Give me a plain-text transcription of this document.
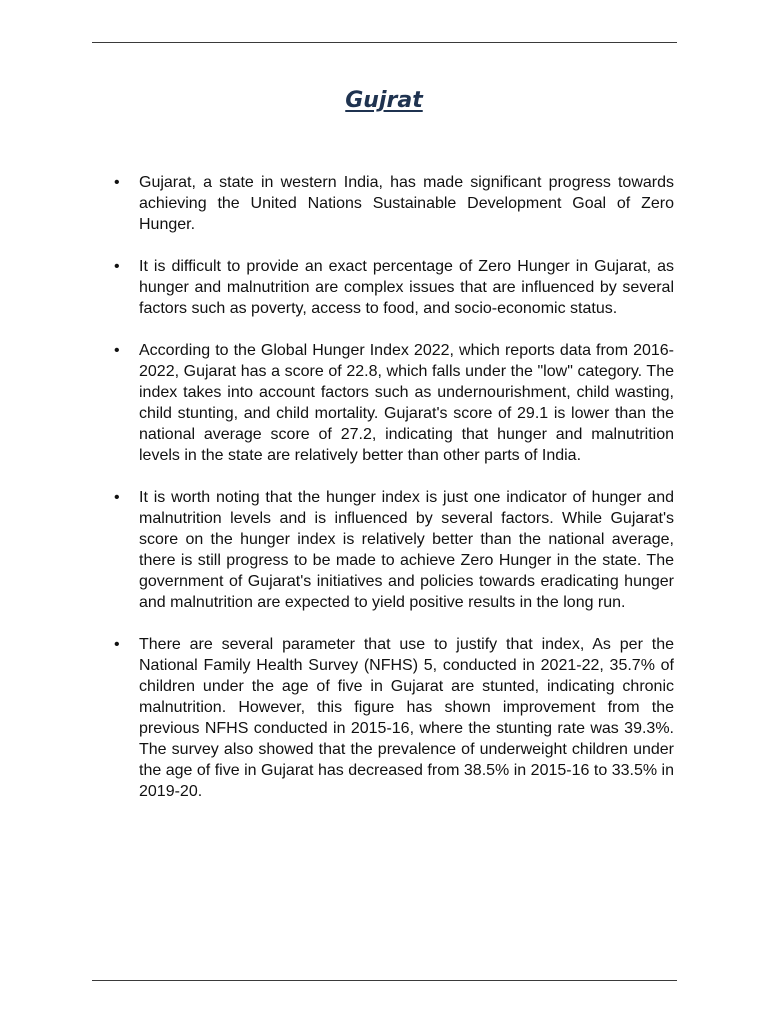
Gujrat
• Gujarat, a state in western India, has made significant progress towards achieving the United Nations Sustainable Development Goal of Zero Hunger.
• It is difficult to provide an exact percentage of Zero Hunger in Gujarat, as hunger and malnutrition are complex issues that are influenced by several factors such as poverty, access to food, and socio-economic status.
• According to the Global Hunger Index 2022, which reports data from 2016-2022, Gujarat has a score of 22.8, which falls under the "low" category. The index takes into account factors such as undernourishment, child wasting, child stunting, and child mortality. Gujarat's score of 29.1 is lower than the national average score of 27.2, indicating that hunger and malnutrition levels in the state are relatively better than other parts of India.
• It is worth noting that the hunger index is just one indicator of hunger and malnutrition levels and is influenced by several factors. While Gujarat's score on the hunger index is relatively better than the national average, there is still progress to be made to achieve Zero Hunger in the state. The government of Gujarat's initiatives and policies towards eradicating hunger and malnutrition are expected to yield positive results in the long run.
• There are several parameter that use to justify that index, As per the National Family Health Survey (NFHS) 5, conducted in 2021-22, 35.7% of children under the age of five in Gujarat are stunted, indicating chronic malnutrition. However, this figure has shown improvement from the previous NFHS conducted in 2015-16, where the stunting rate was 39.3%. The survey also showed that the prevalence of underweight children under the age of five in Gujarat has decreased from 38.5% in 2015-16 to 33.5% in 2019-20.
